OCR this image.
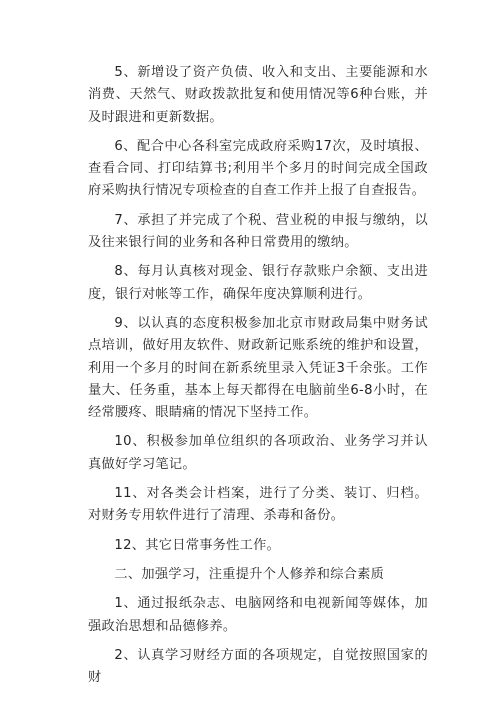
5、新增设了资产负债、收入和支出、主要能源和水消费、天然气、财政拨款批复和使用情况等6种台账，并及时跟进和更新数据。

6、配合中心各科室完成政府采购17次，及时填报、查看合同、打印结算书;利用半个多月的时间完成全国政府采购执行情况专项检查的自查工作并上报了自查报告。

7、承担了并完成了个税、营业税的申报与缴纳，以及往来银行间的业务和各种日常费用的缴纳。

8、每月认真核对现金、银行存款账户余额、支出进度，银行对帐等工作，确保年度决算顺利进行。

9、以认真的态度积极参加北京市财政局集中财务试点培训，做好用友软件、财政新记账系统的维护和设置，利用一个多月的时间在新系统里录入凭证3千余张。工作量大、任务重，基本上每天都得在电脑前坐6-8小时，在经常腰疼、眼睛痛的情况下坚持工作。

10、积极参加单位组织的各项政治、业务学习并认真做好学习笔记。

11、对各类会计档案，进行了分类、装订、归档。对财务专用软件进行了清理、杀毒和备份。

12、其它日常事务性工作。

二、加强学习，注重提升个人修养和综合素质

1、通过报纸杂志、电脑网络和电视新闻等媒体，加强政治思想和品德修养。

2、认真学习财经方面的各项规定，自觉按照国家的财
